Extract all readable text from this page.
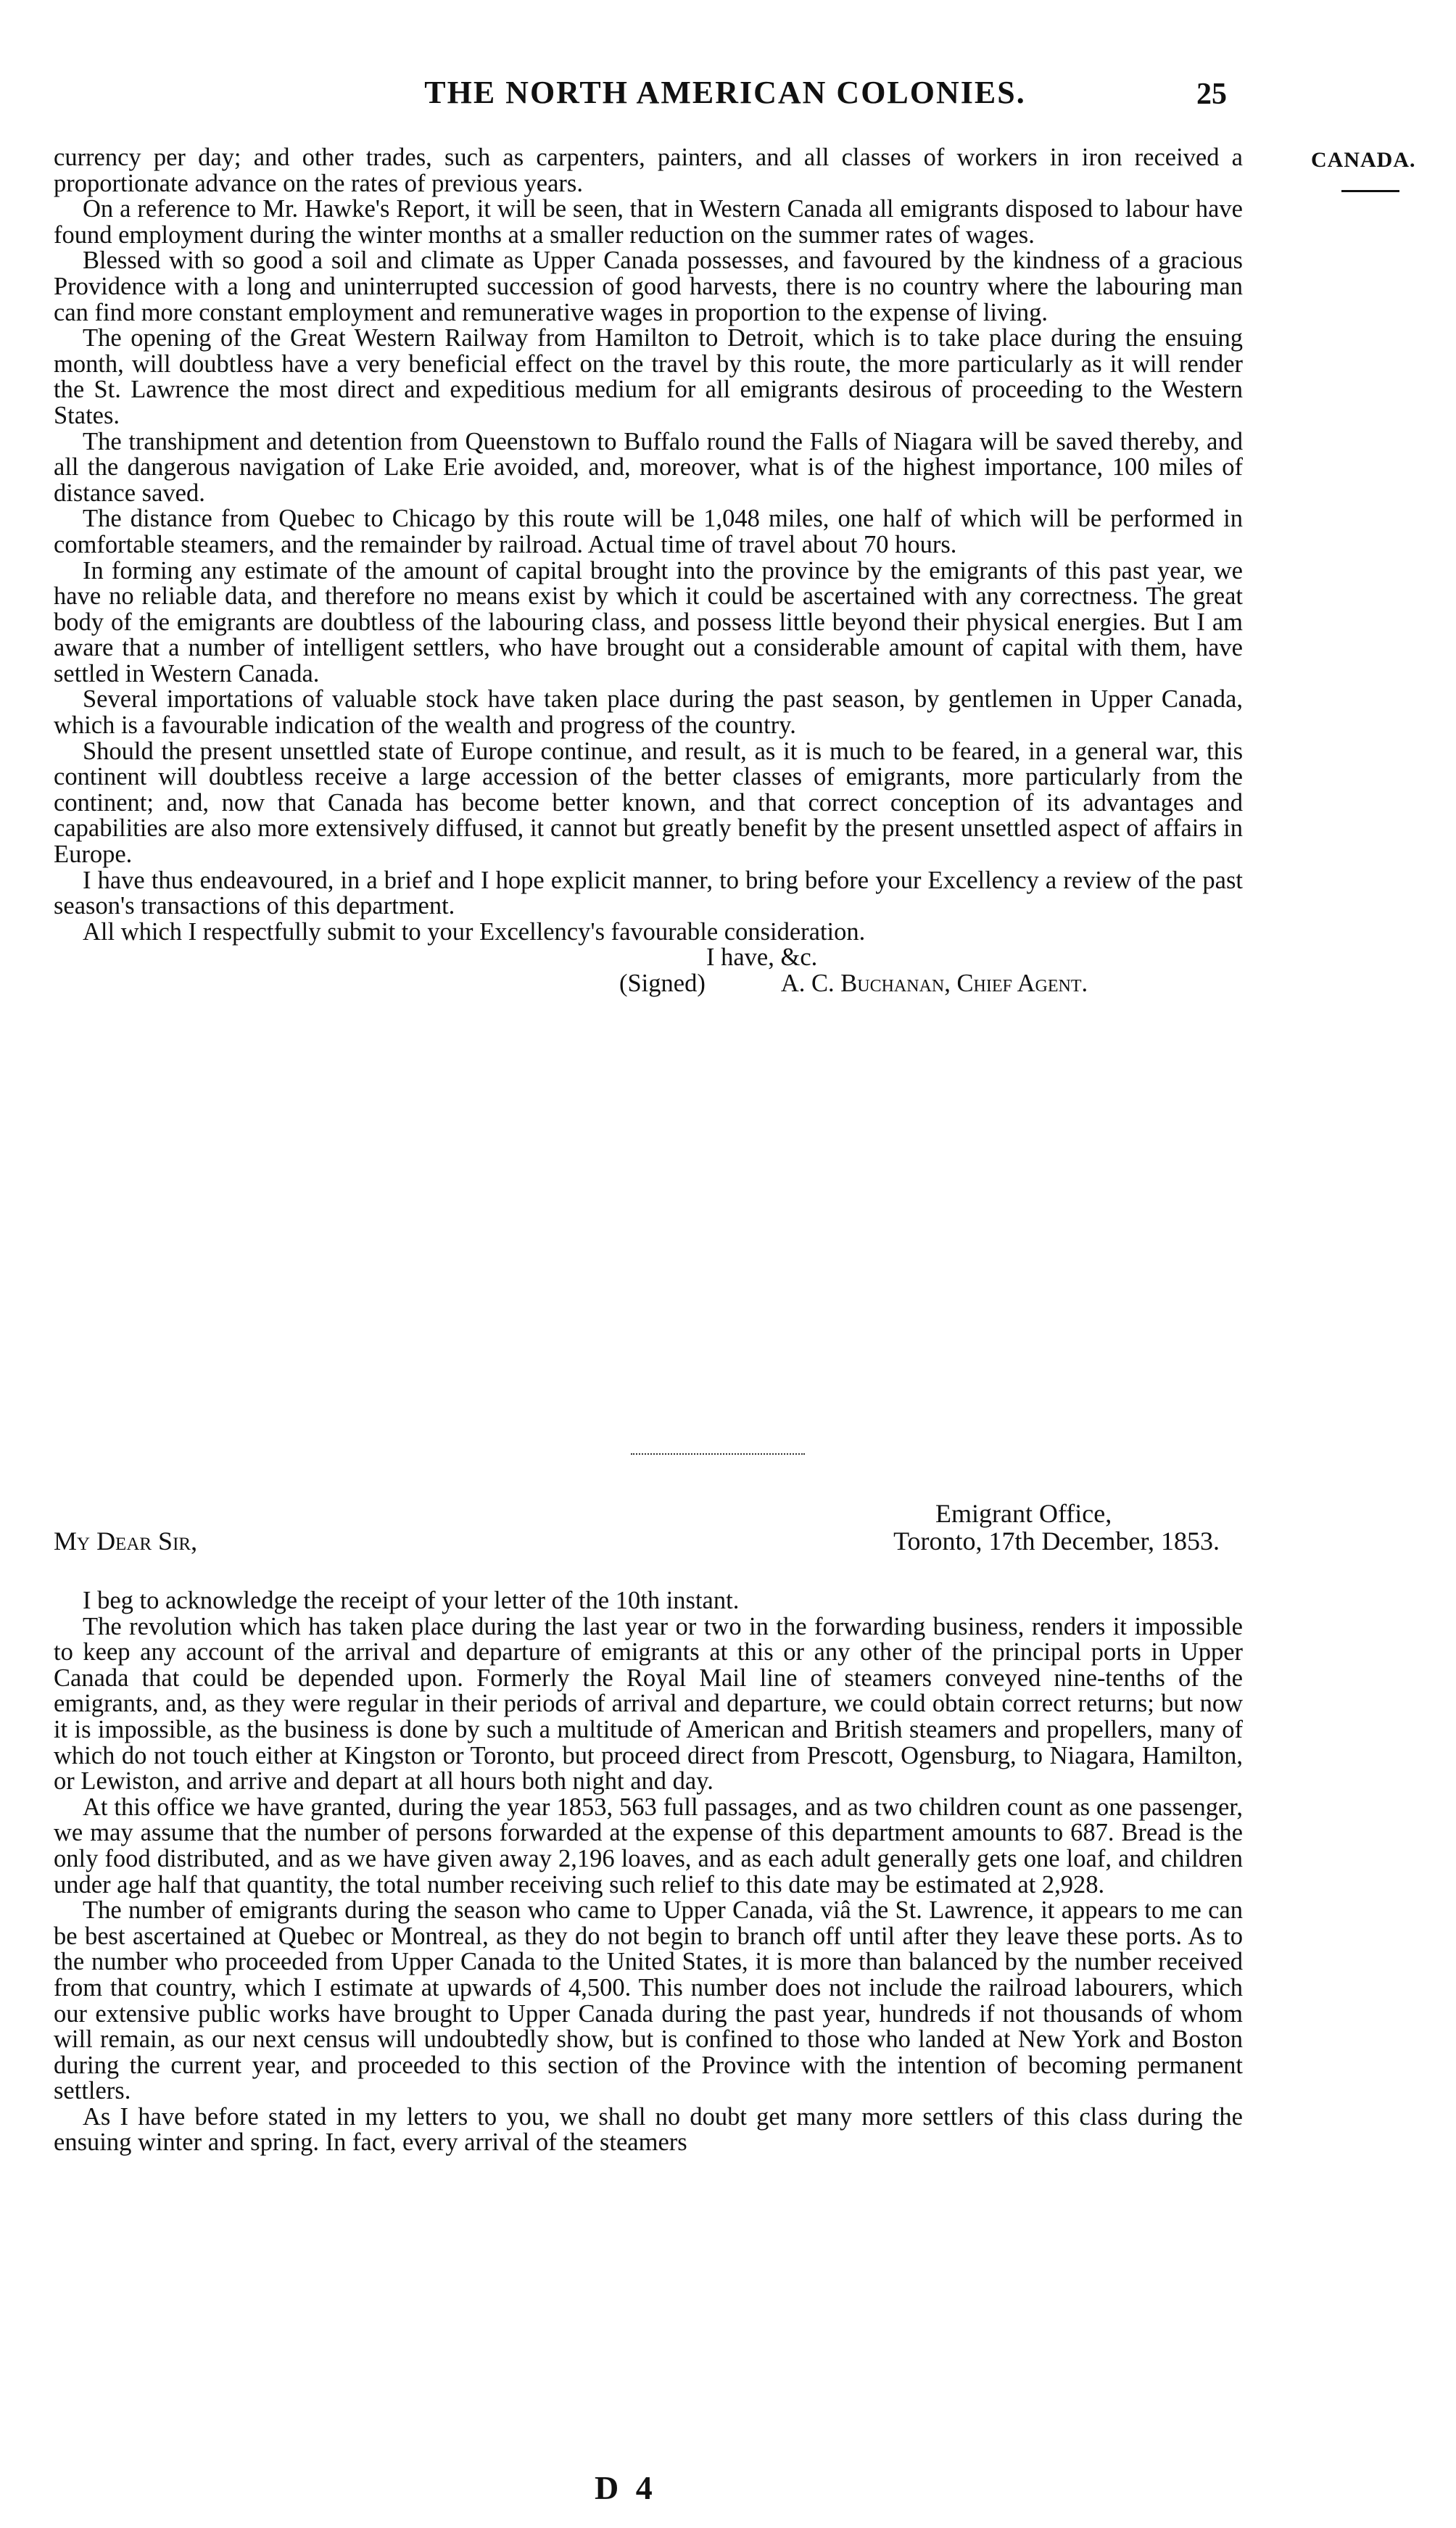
THE NORTH AMERICAN COLONIES.	25
CANADA.

currency per day; and other trades, such as carpenters, painters, and all classes of workers in iron received a proportionate advance on the rates of previous years.

On a reference to Mr. Hawke's Report, it will be seen, that in Western Canada all emigrants disposed to labour have found employment during the winter months at a smaller reduction on the summer rates of wages.

Blessed with so good a soil and climate as Upper Canada possesses, and favoured by the kindness of a gracious Providence with a long and uninterrupted succession of good harvests, there is no country where the labouring man can find more constant employment and remunerative wages in proportion to the expense of living.

The opening of the Great Western Railway from Hamilton to Detroit, which is to take place during the ensuing month, will doubtless have a very beneficial effect on the travel by this route, the more particularly as it will render the St. Lawrence the most direct and expeditious medium for all emigrants desirous of proceeding to the Western States.

The transhipment and detention from Queenstown to Buffalo round the Falls of Niagara will be saved thereby, and all the dangerous navigation of Lake Erie avoided, and, moreover, what is of the highest importance, 100 miles of distance saved.

The distance from Quebec to Chicago by this route will be 1,048 miles, one half of which will be performed in comfortable steamers, and the remainder by railroad. Actual time of travel about 70 hours.

In forming any estimate of the amount of capital brought into the province by the emigrants of this past year, we have no reliable data, and therefore no means exist by which it could be ascertained with any correctness. The great body of the emigrants are doubtless of the labouring class, and possess little beyond their physical energies. But I am aware that a number of intelligent settlers, who have brought out a considerable amount of capital with them, have settled in Western Canada.

Several importations of valuable stock have taken place during the past season, by gentlemen in Upper Canada, which is a favourable indication of the wealth and progress of the country.

Should the present unsettled state of Europe continue, and result, as it is much to be feared, in a general war, this continent will doubtless receive a large accession of the better classes of emigrants, more particularly from the continent; and, now that Canada has become better known, and that correct conception of its advantages and capabilities are also more extensively diffused, it cannot but greatly benefit by the present unsettled aspect of affairs in Europe.

I have thus endeavoured, in a brief and I hope explicit manner, to bring before your Excellency a review of the past season's transactions of this department.

All which I respectfully submit to your Excellency's favourable consideration.

I have, &c.

(Signed)	A. C. Buchanan, Chief Agent.

Emigrant Office,
My Dear Sir,	Toronto, 17th December, 1853.

I beg to acknowledge the receipt of your letter of the 10th instant.

The revolution which has taken place during the last year or two in the forwarding business, renders it impossible to keep any account of the arrival and departure of emigrants at this or any other of the principal ports in Upper Canada that could be depended upon. Formerly the Royal Mail line of steamers conveyed nine-tenths of the emigrants, and, as they were regular in their periods of arrival and departure, we could obtain correct returns; but now it is impossible, as the business is done by such a multitude of American and British steamers and propellers, many of which do not touch either at Kingston or Toronto, but proceed direct from Prescott, Ogensburg, to Niagara, Hamilton, or Lewiston, and arrive and depart at all hours both night and day.

At this office we have granted, during the year 1853, 563 full passages, and as two children count as one passenger, we may assume that the number of persons forwarded at the expense of this department amounts to 687. Bread is the only food distributed, and as we have given away 2,196 loaves, and as each adult generally gets one loaf, and children under age half that quantity, the total number receiving such relief to this date may be estimated at 2,928.

The number of emigrants during the season who came to Upper Canada, viâ the St. Lawrence, it appears to me can be best ascertained at Quebec or Montreal, as they do not begin to branch off until after they leave these ports. As to the number who proceeded from Upper Canada to the United States, it is more than balanced by the number received from that country, which I estimate at upwards of 4,500. This number does not include the railroad labourers, which our extensive public works have brought to Upper Canada during the past year, hundreds if not thousands of whom will remain, as our next census will undoubtedly show, but is confined to those who landed at New York and Boston during the current year, and proceeded to this section of the Province with the intention of becoming permanent settlers.

As I have before stated in my letters to you, we shall no doubt get many more settlers of this class during the ensuing winter and spring. In fact, every arrival of the steamers

D 4
